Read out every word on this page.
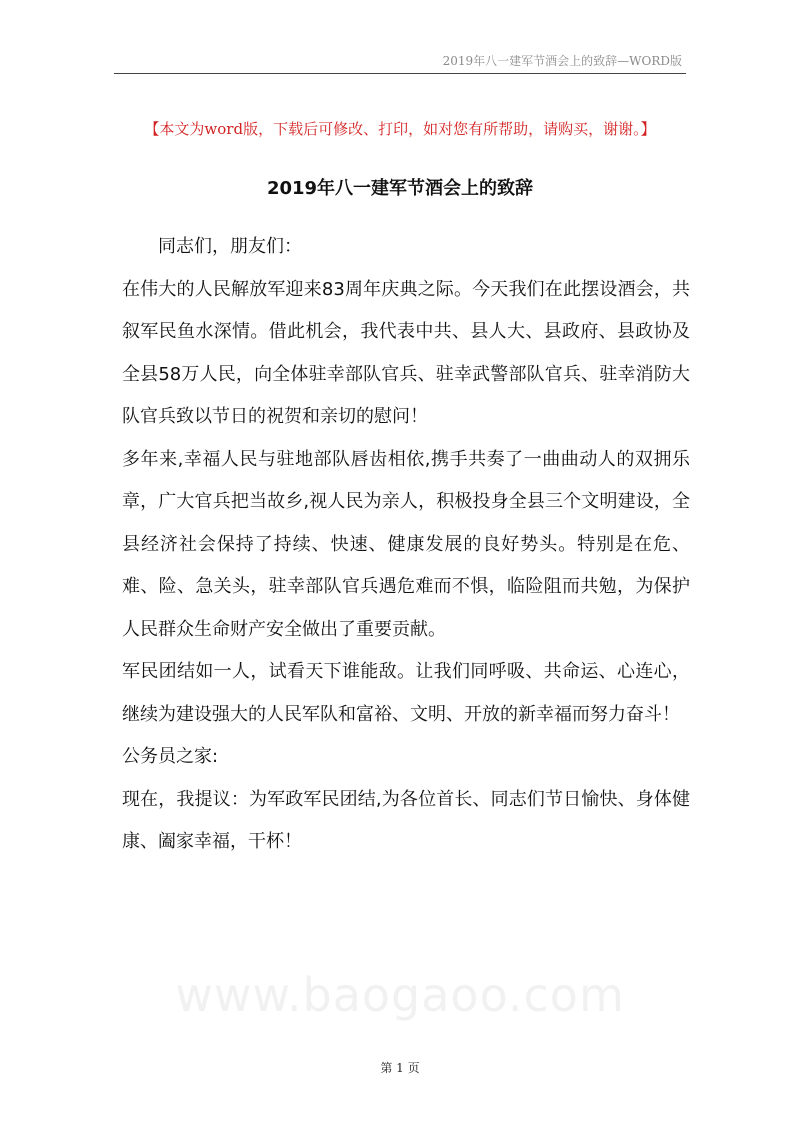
2019年八一建军节酒会上的致辞—WORD版
【本文为word版，下载后可修改、打印，如对您有所帮助，请购买，谢谢。】
2019年八一建军节酒会上的致辞

同志们，朋友们：

在伟大的人民解放军迎来83周年庆典之际。今天我们在此摆设酒会，共叙军民鱼水深情。借此机会，我代表中共、县人大、县政府、县政协及全县58万人民，向全体驻幸部队官兵、驻幸武警部队官兵、驻幸消防大队官兵致以节日的祝贺和亲切的慰问！

多年来,幸福人民与驻地部队唇齿相依,携手共奏了一曲曲动人的双拥乐章，广大官兵把当故乡,视人民为亲人，积极投身全县三个文明建设，全县经济社会保持了持续、快速、健康发展的良好势头。特别是在危、难、险、急关头，驻幸部队官兵遇危难而不惧，临险阻而共勉，为保护人民群众生命财产安全做出了重要贡献。

军民团结如一人，试看天下谁能敌。让我们同呼吸、共命运、心连心，继续为建设强大的人民军队和富裕、文明、开放的新幸福而努力奋斗！

公务员之家:

现在，我提议：为军政军民团结,为各位首长、同志们节日愉快、身体健康、阖家幸福，干杯！

www.baogaoo.com
第 1 页
